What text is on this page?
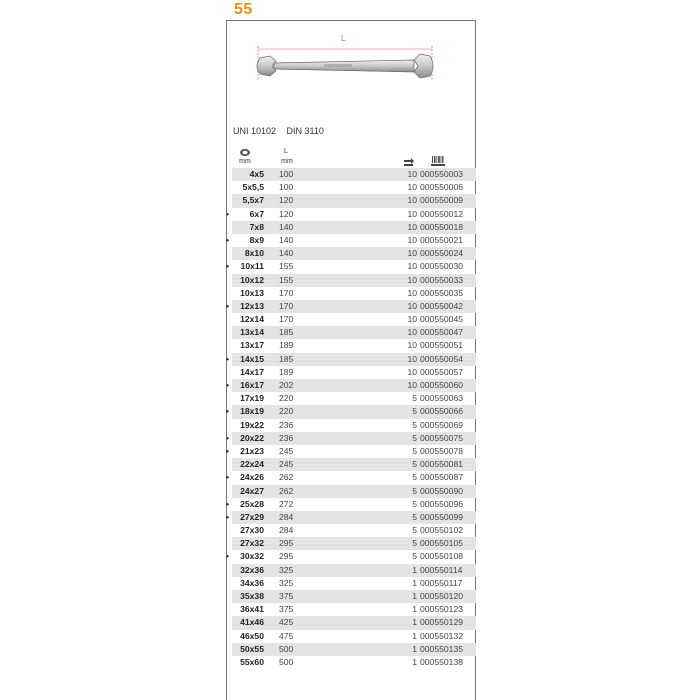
55
L
UNI 10102 DIN 3110
mm
L
mm
4x5 100	10 000550003
5x5,5 100	10 000550006
5,5x7 120	10 000550009
• 6x7 120	10 000550012
7x8 140	10 000550018
• 8x9 140	10 000550021
8x10 140	10 000550024
• 10x11 155	10 000550030
10x12 155	10 000550033
10x13 170	10 000550035
• 12x13 170	10 000550042
12x14 170	10 000550045
13x14 185	10 000550047
13x17 189	10 000550051
• 14x15 185	10 000550054
14x17 189	10 000550057
• 16x17 202	10 000550060
17x19 220	5 000550063
• 18x19 220	5 000550066
19x22 236	5 000550069
• 20x22 236	5 000550075
• 21x23 245	5 000550078
22x24 245	5 000550081
• 24x26 262	5 000550087
24x27 262	5 000550090
• 25x28 272	5 000550096
• 27x29 284	5 000550099
27x30 284	5 000550102
27x32 295	5 000550105
• 30x32 295	5 000550108
32x36 325	1 000550114
34x36 325	1 000550117
35x38 375	1 000550120
36x41 375	1 000550123
41x46 425	1 000550129
46x50 475	1 000550132
50x55 500	1 000550135
55x60 500	1 000550138
